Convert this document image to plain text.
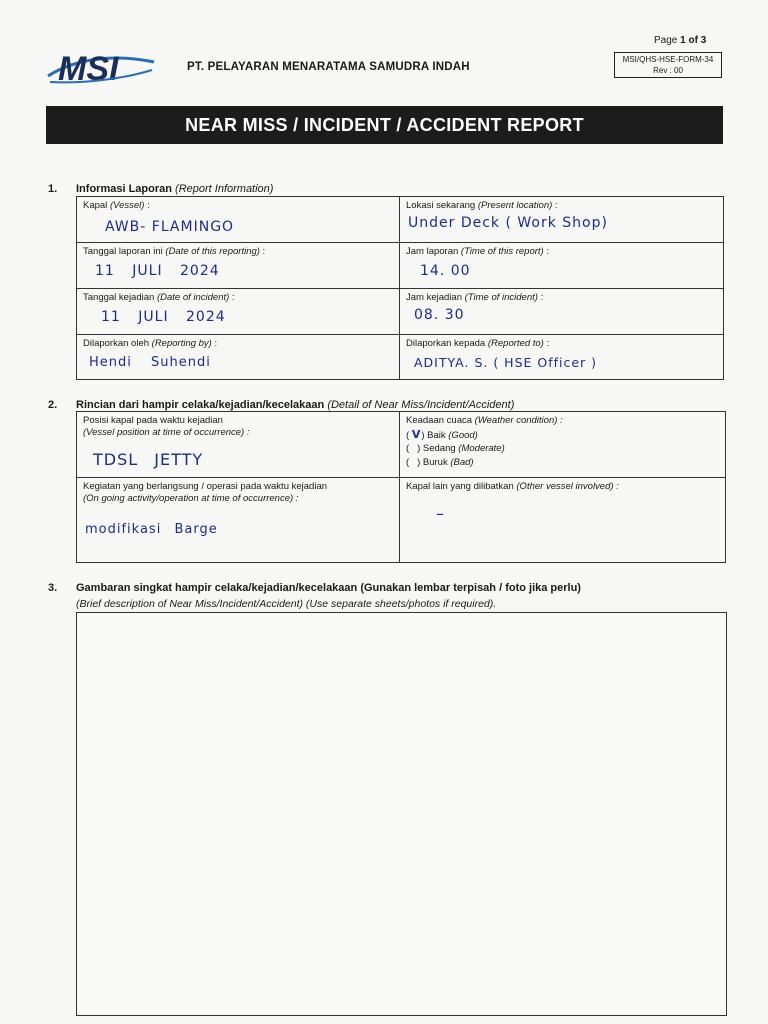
MSI	PT. PELAYARAN MENARATAMA SAMUDRA INDAH
Page 1 of 3
MSI/QHS-HSE-FORM-34
Rev : 00
NEAR MISS / INCIDENT / ACCIDENT REPORT
1. Informasi Laporan (Report Information)
Kapal (Vessel) :
AWB- FLAMINGO
Lokasi sekarang (Present location) :
Under Deck ( Work Shop)
Tanggal laporan ini (Date of this reporting) :
11 JULI 2024
Jam laporan (Time of this report) :
14. 00
Tanggal kejadian (Date of incident) :
11 JULI 2024
Jam kejadian (Time of incident) :
08. 30
Dilaporkan oleh (Reporting by) :
Hendi Suhendi
Dilaporkan kepada (Reported to) :
ADITYA. S. ( HSE Officer )
2. Rincian dari hampir celaka/kejadian/kecelakaan (Detail of Near Miss/Incident/Accident)
Posisi kapal pada waktu kejadian
(Vessel position at time of occurrence) :
TDSL JETTY
Keadaan cuaca (Weather condition) :
( V) Baik (Good)
(   ) Sedang (Moderate)
(   ) Buruk (Bad)
Kegiatan yang berlangsung / operasi pada waktu kejadian
(On going activity/operation at time of occurrence) :
modifikasi Barge
Kapal lain yang dilibatkan (Other vessel involved) :
–
3. Gambaran singkat hampir celaka/kejadian/kecelakaan (Gunakan lembar terpisah / foto jika perlu)
(Brief description of Near Miss/Incident/Accident) (Use separate sheets/photos if required).
